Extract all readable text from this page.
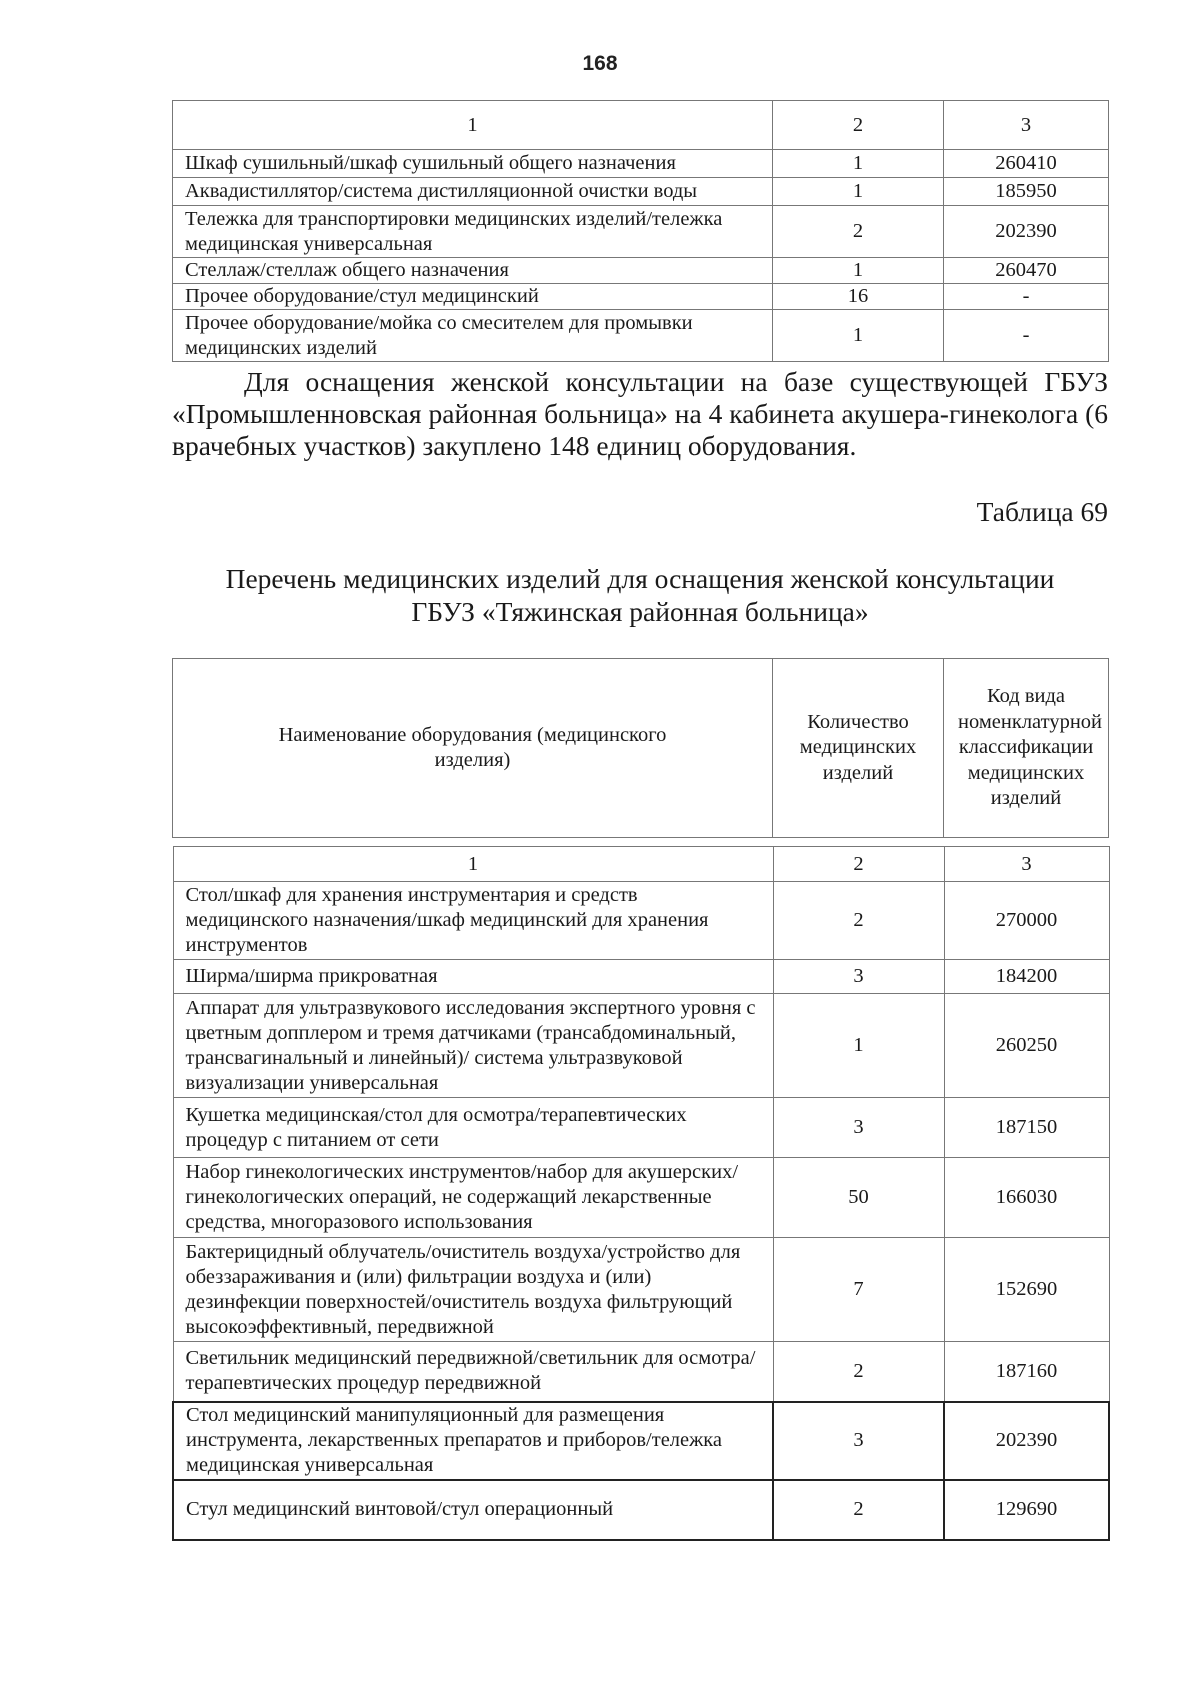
168
1	2	3
Шкаф сушильный/шкаф сушильный общего назначения	1	260410
Аквадистиллятор/система дистилляционной очистки воды	1	185950
Тележка для транспортировки медицинских изделий/тележка медицинская универсальная	2	202390
Стеллаж/стеллаж общего назначения	1	260470
Прочее оборудование/стул медицинский	16	-
Прочее оборудование/мойка со смесителем для промывки медицинских изделий	1	-

Для оснащения женской консультации на базе существующей ГБУЗ «Промышленновская районная больница» на 4 кабинета акушера-гинеколога (6 врачебных участков) закуплено 148 единиц оборудования.

Таблица 69
Перечень медицинских изделий для оснащения женской консультации
ГБУЗ «Тяжинская районная больница»
Наименование оборудования (медицинского изделия)	Количество медицинских изделий	Код вида номенклатурной классификации медицинских изделий
1	2	3
Стол/шкаф для хранения инструментария и средств медицинского назначения/шкаф медицинский для хранения инструментов	2	270000
Ширма/ширма прикроватная	3	184200
Аппарат для ультразвукового исследования экспертного уровня с цветным допплером и тремя датчиками (трансабдоминальный, трансвагинальный и линейный)/ система ультразвуковой визуализации универсальная	1	260250
Кушетка медицинская/стол для осмотра/терапевтических процедур с питанием от сети	3	187150
Набор гинекологических инструментов/набор для акушерских/гинекологических операций, не содержащий лекарственные средства, многоразового использования	50	166030
Бактерицидный облучатель/очиститель воздуха/устройство для обеззараживания и (или) фильтрации воздуха и (или) дезинфекции поверхностей/очиститель воздуха фильтрующий высокоэффективный, передвижной	7	152690
Светильник медицинский передвижной/светильник для осмотра/терапевтических процедур передвижной	2	187160
Стол медицинский манипуляционный для размещения инструмента, лекарственных препаратов и приборов/тележка медицинская универсальная	3	202390
Стул медицинский винтовой/стул операционный	2	129690
